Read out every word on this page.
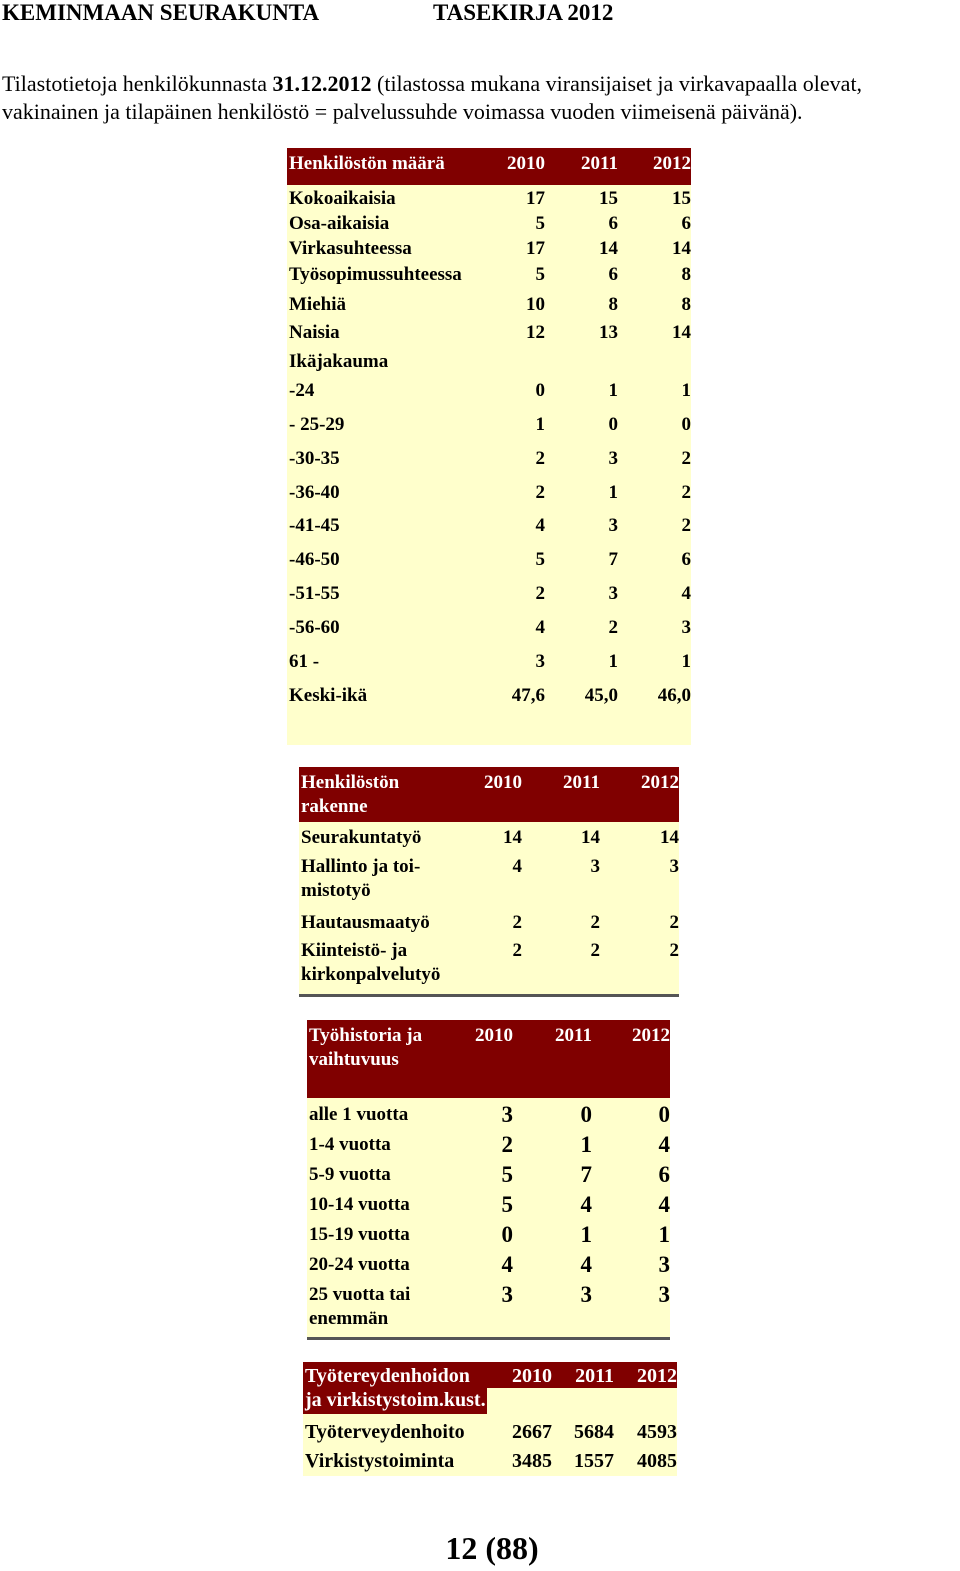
KEMINMAAN SEURAKUNTA	TASEKIRJA 2012
Tilastotietoja henkilökunnasta 31.12.2012 (tilastossa mukana viransijaiset ja virkavapaalla olevat, vakinainen ja tilapäinen henkilöstö = palvelussuhde voimassa vuoden viimeisenä päivänä).
Henkilöstön määrä	2010 2011 2012
Kokoaikaisia	17	15	15
Osa-aikaisia	5	6	6
Virkasuhteessa	17	14	14
Työsopimussuhteessa	5	6	8
Miehiä	10	8	8
Naisia	12	13	14
Ikäjakauma
-24	0	1	1
- 25-29	1	0	0
-30-35	2	3	2
-36-40	2	1	2
-41-45	4	3	2
-46-50	5	7	6
-51-55	2	3	4
-56-60	4	2	3
61 -	3	1	1
Keski-ikä	47,6 45,0 46,0
Henkilöstön
rakenne
2010 2011 2012
Seurakuntatyö	14	14	14
Hallinto ja toi-
mistotyö
4	3	3
Hautausmaatyö	2	2	2
Kiinteistö- ja
kirkonpalvelutyö
2	2	2
Työhistoria ja
vaihtuvuus
2010 2011 2012
alle 1 vuotta	3	0	0
1-4 vuotta	2	1	4
5-9 vuotta	5	7	6
10-14 vuotta	5	4	4
15-19 vuotta	0	1	1
20-24 vuotta	4	4	3
25 vuotta tai
enemmän
3	3	3
Työtereydenhoidon
ja virkistystoim.kust.
2010 2011 2012
Työterveydenhoito 2667 5684 4593
Virkistystoiminta	3485 1557 4085
12 (88)
